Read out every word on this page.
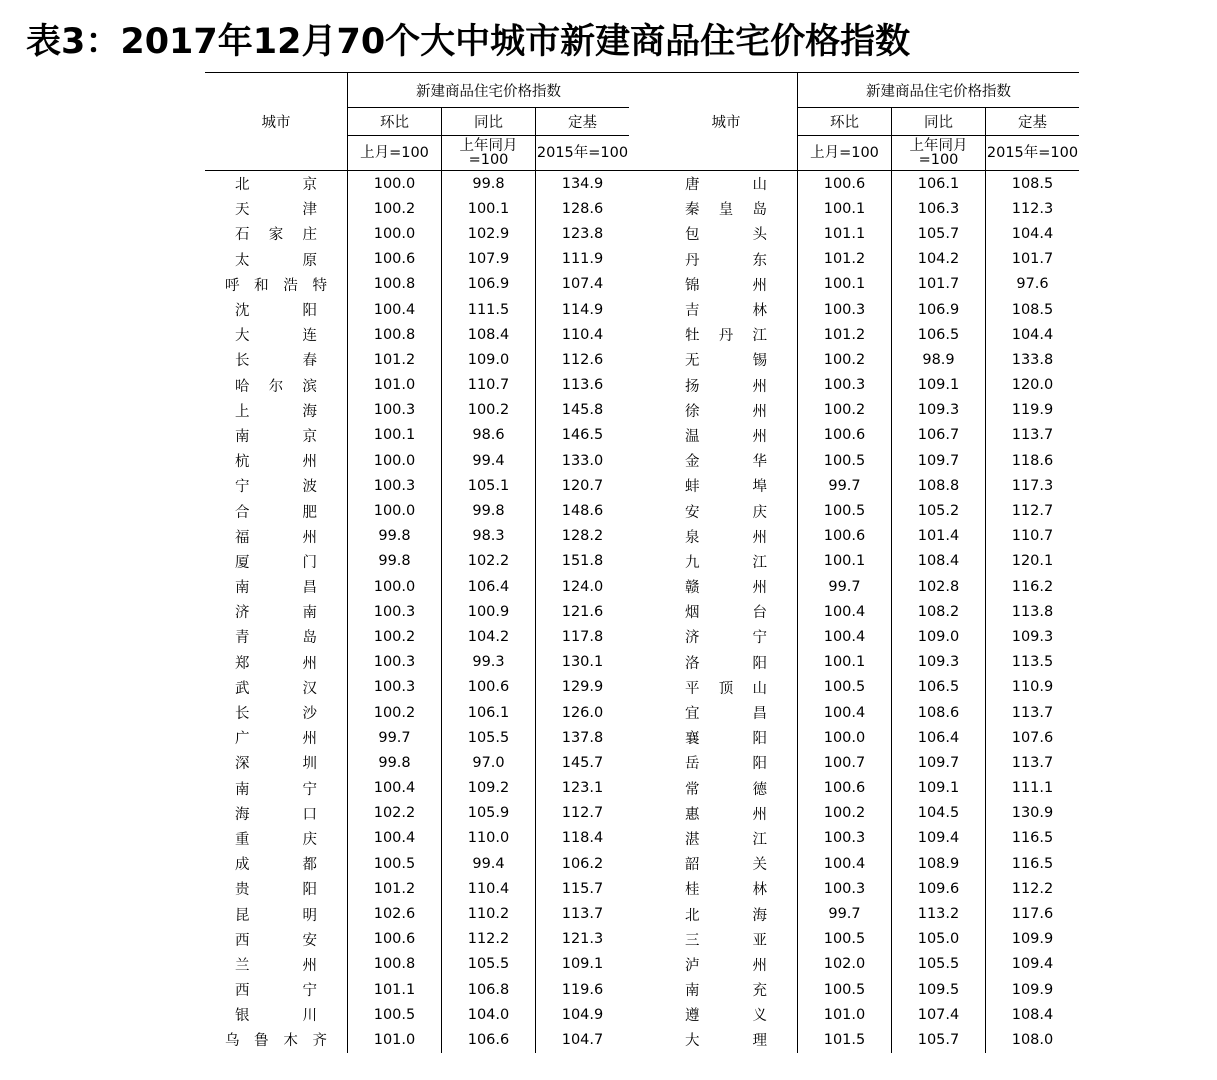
表3：2017年12月70个大中城市新建商品住宅价格指数
城市	新建商品住宅价格指数				城市	新建商品住宅价格指数		
	环比	同比	定基			环比	同比	定基
	上月=100	上年同月=100	2015年=100			上月=100	上年同月=100	2015年=100
北　京	100.0	99.8	134.9		唐　山	100.6	106.1	108.5
天　津	100.2	100.1	128.6		秦皇岛	100.1	106.3	112.3
石家庄	100.0	102.9	123.8		包　头	101.1	105.7	104.4
太　原	100.6	107.9	111.9		丹　东	101.2	104.2	101.7
呼和浩特	100.8	106.9	107.4		锦　州	100.1	101.7	97.6
沈　阳	100.4	111.5	114.9		吉　林	100.3	106.9	108.5
大　连	100.8	108.4	110.4		牡丹江	101.2	106.5	104.4
长　春	101.2	109.0	112.6		无　锡	100.2	98.9	133.8
哈尔滨	101.0	110.7	113.6		扬　州	100.3	109.1	120.0
上　海	100.3	100.2	145.8		徐　州	100.2	109.3	119.9
南　京	100.1	98.6	146.5		温　州	100.6	106.7	113.7
杭　州	100.0	99.4	133.0		金　华	100.5	109.7	118.6
宁　波	100.3	105.1	120.7		蚌　埠	99.7	108.8	117.3
合　肥	100.0	99.8	148.6		安　庆	100.5	105.2	112.7
福　州	99.8	98.3	128.2		泉　州	100.6	101.4	110.7
厦　门	99.8	102.2	151.8		九　江	100.1	108.4	120.1
南　昌	100.0	106.4	124.0		赣　州	99.7	102.8	116.2
济　南	100.3	100.9	121.6		烟　台	100.4	108.2	113.8
青　岛	100.2	104.2	117.8		济　宁	100.4	109.0	109.3
郑　州	100.3	99.3	130.1		洛　阳	100.1	109.3	113.5
武　汉	100.3	100.6	129.9		平顶山	100.5	106.5	110.9
长　沙	100.2	106.1	126.0		宜　昌	100.4	108.6	113.7
广　州	99.7	105.5	137.8		襄　阳	100.0	106.4	107.6
深　圳	99.8	97.0	145.7		岳　阳	100.7	109.7	113.7
南　宁	100.4	109.2	123.1		常　德	100.6	109.1	111.1
海　口	102.2	105.9	112.7		惠　州	100.2	104.5	130.9
重　庆	100.4	110.0	118.4		湛　江	100.3	109.4	116.5
成　都	100.5	99.4	106.2		韶　关	100.4	108.9	116.5
贵　阳	101.2	110.4	115.7		桂　林	100.3	109.6	112.2
昆　明	102.6	110.2	113.7		北　海	99.7	113.2	117.6
西　安	100.6	112.2	121.3		三　亚	100.5	105.0	109.9
兰　州	100.8	105.5	109.1		泸　州	102.0	105.5	109.4
西　宁	101.1	106.8	119.6		南　充	100.5	109.5	109.9
银　川	100.5	104.0	104.9		遵　义	101.0	107.4	108.4
乌鲁木齐	101.0	106.6	104.7		大　理	101.5	105.7	108.0
